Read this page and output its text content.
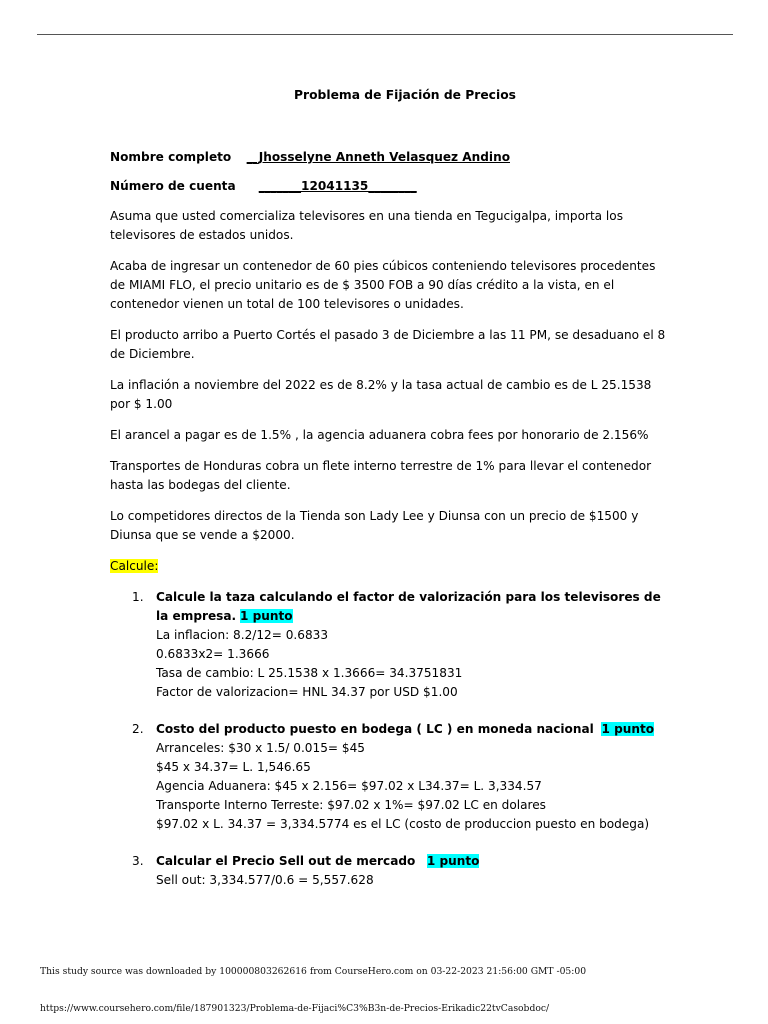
Problema de Fijación de Precios

Nombre completo __Jhosselyne Anneth Velasquez Andino

Número de cuenta _______12041135________

Asuma que usted comercializa televisores en una tienda en Tegucigalpa, importa los televisores de estados unidos.

Acaba de ingresar un contenedor de 60 pies cúbicos conteniendo televisores procedentes de MIAMI FLO, el precio unitario es de $ 3500 FOB a 90 días crédito a la vista, en el contenedor vienen un total de 100 televisores o unidades.

El producto arribo a Puerto Cortés el pasado 3 de Diciembre a las 11 PM, se desaduano el 8 de Diciembre.

La inflación a noviembre del 2022 es de 8.2% y la tasa actual de cambio es de L 25.1538 por $ 1.00

El arancel a pagar es de 1.5% , la agencia aduanera cobra fees por honorario de 2.156%

Transportes de Honduras cobra un flete interno terrestre de 1% para llevar el contenedor hasta las bodegas del cliente.

Lo competidores directos de la Tienda son Lady Lee y Diunsa con un precio de $1500 y Diunsa que se vende a $2000.

Calcule:

1. Calcule la taza calculando el factor de valorización para los televisores de la empresa. 1 punto
La inflacion: 8.2/12= 0.6833
0.6833x2= 1.3666
Tasa de cambio: L 25.1538 x 1.3666= 34.3751831
Factor de valorizacion= HNL 34.37 por USD $1.00
2. Costo del producto puesto en bodega ( LC ) en moneda nacional 1 punto
Arranceles: $30 x 1.5/ 0.015= $45
$45 x 34.37= L. 1,546.65
Agencia Aduanera: $45 x 2.156= $97.02 x L34.37= L. 3,334.57
Transporte Interno Terreste: $97.02 x 1%= $97.02 LC en dolares
$97.02 x L. 34.37 = 3,334.5774 es el LC (costo de produccion puesto en bodega)
3. Calcular el Precio Sell out de mercado 1 punto
Sell out: 3,334.577/0.6 = 5,557.628
This study source was downloaded by 100000803262616 from CourseHero.com on 03-22-2023 21:56:00 GMT -05:00
https://www.coursehero.com/file/187901323/Problema-de-Fijaci%C3%B3n-de-Precios-Erikadic22tvCasobdoc/
